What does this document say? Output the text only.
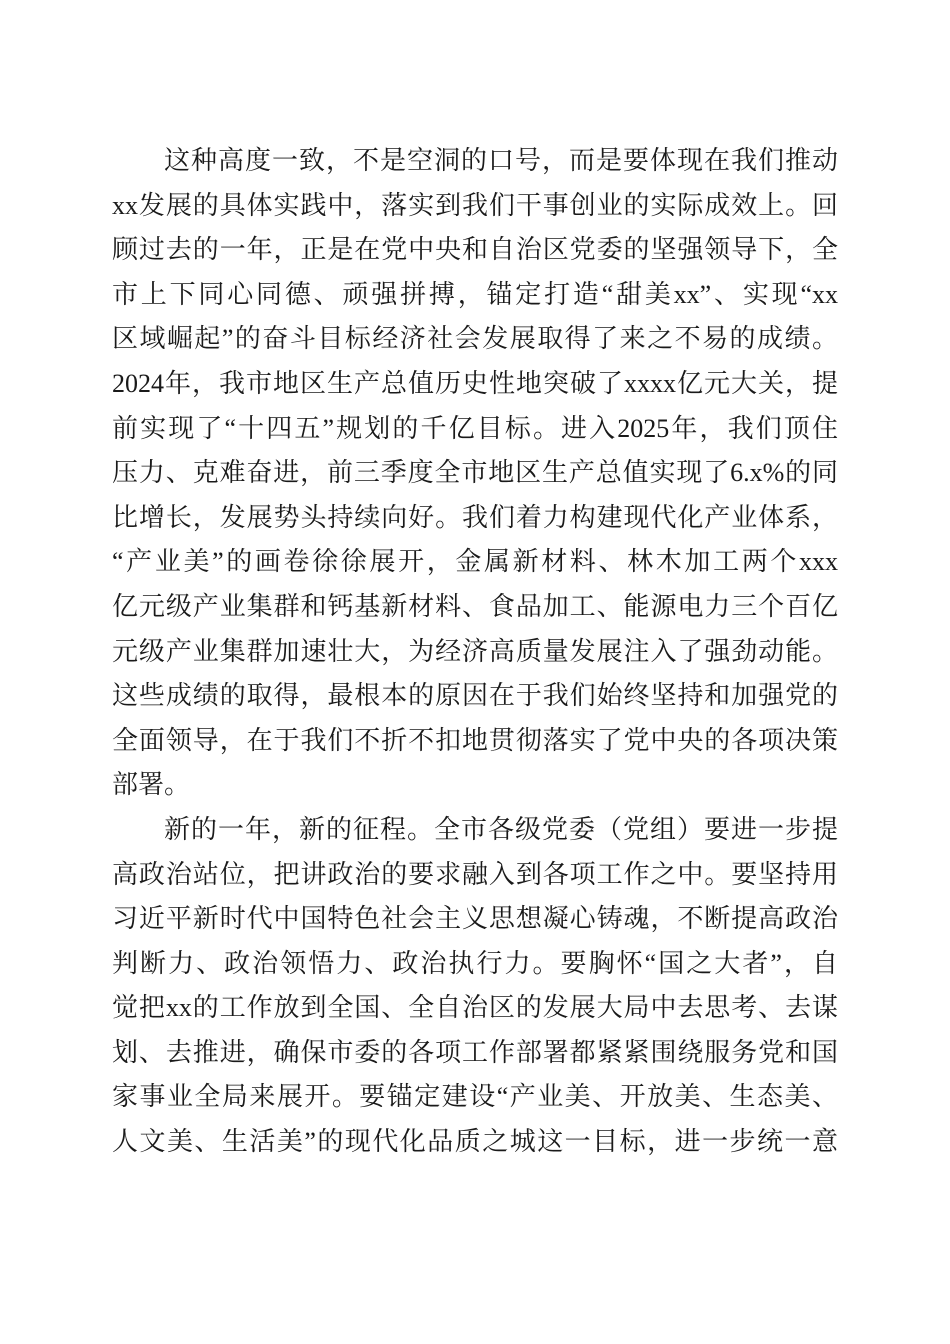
这种高度一致，不是空洞的口号，而是要体现在我们推动
xx发展的具体实践中，落实到我们干事创业的实际成效上。回
顾过去的一年，正是在党中央和自治区党委的坚强领导下，全
市上下同心同德、顽强拼搏，锚定打造“甜美xx”、实现“xx
区域崛起”的奋斗目标经济社会发展取得了来之不易的成绩。
2024年，我市地区生产总值历史性地突破了xxxx亿元大关，提
前实现了“十四五”规划的千亿目标。进入2025年，我们顶住
压力、克难奋进，前三季度全市地区生产总值实现了6.x%的同
比增长，发展势头持续向好。我们着力构建现代化产业体系，
“产业美”的画卷徐徐展开，金属新材料、林木加工两个xxx
亿元级产业集群和钙基新材料、食品加工、能源电力三个百亿
元级产业集群加速壮大，为经济高质量发展注入了强劲动能。
这些成绩的取得，最根本的原因在于我们始终坚持和加强党的
全面领导，在于我们不折不扣地贯彻落实了党中央的各项决策
部署。
新的一年，新的征程。全市各级党委（党组）要进一步提
高政治站位，把讲政治的要求融入到各项工作之中。要坚持用
习近平新时代中国特色社会主义思想凝心铸魂，不断提高政治
判断力、政治领悟力、政治执行力。要胸怀“国之大者”，自
觉把xx的工作放到全国、全自治区的发展大局中去思考、去谋
划、去推进，确保市委的各项工作部署都紧紧围绕服务党和国
家事业全局来展开。要锚定建设“产业美、开放美、生态美、
人文美、生活美”的现代化品质之城这一目标，进一步统一意
